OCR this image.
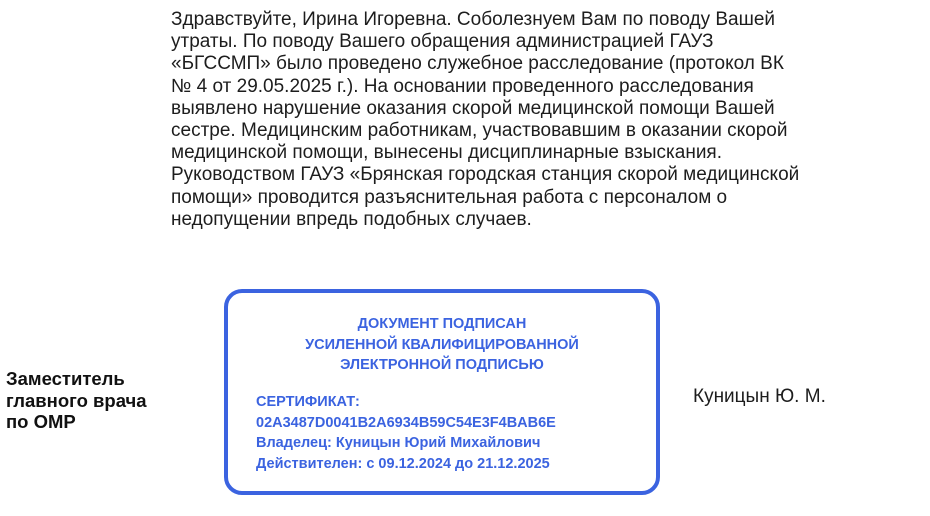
Здравствуйте, Ирина Игоревна. Соболезнуем Вам по поводу Вашей
утраты. По поводу Вашего обращения администрацией ГАУЗ
«БГССМП» было проведено служебное расследование (протокол ВК
№ 4 от 29.05.2025 г.). На основании проведенного расследования
выявлено нарушение оказания скорой медицинской помощи Вашей
сестре. Медицинским работникам, участвовавшим в оказании скорой
медицинской помощи, вынесены дисциплинарные взыскания.
Руководством ГАУЗ «Брянская городская станция скорой медицинской
помощи» проводится разъяснительная работа с персоналом о
недопущении впредь подобных случаев.

Заместитель
главного врача
по ОМР

ДОКУМЕНТ ПОДПИСАН
УСИЛЕННОЙ КВАЛИФИЦИРОВАННОЙ
ЭЛЕКТРОННОЙ ПОДПИСЬЮ
СЕРТИФИКАТ:
02A3487D0041B2A6934B59C54E3F4BAB6E
Владелец: Куницын Юрий Михайлович
Действителен: с 09.12.2024 до 21.12.2025

Куницын Ю. М.
